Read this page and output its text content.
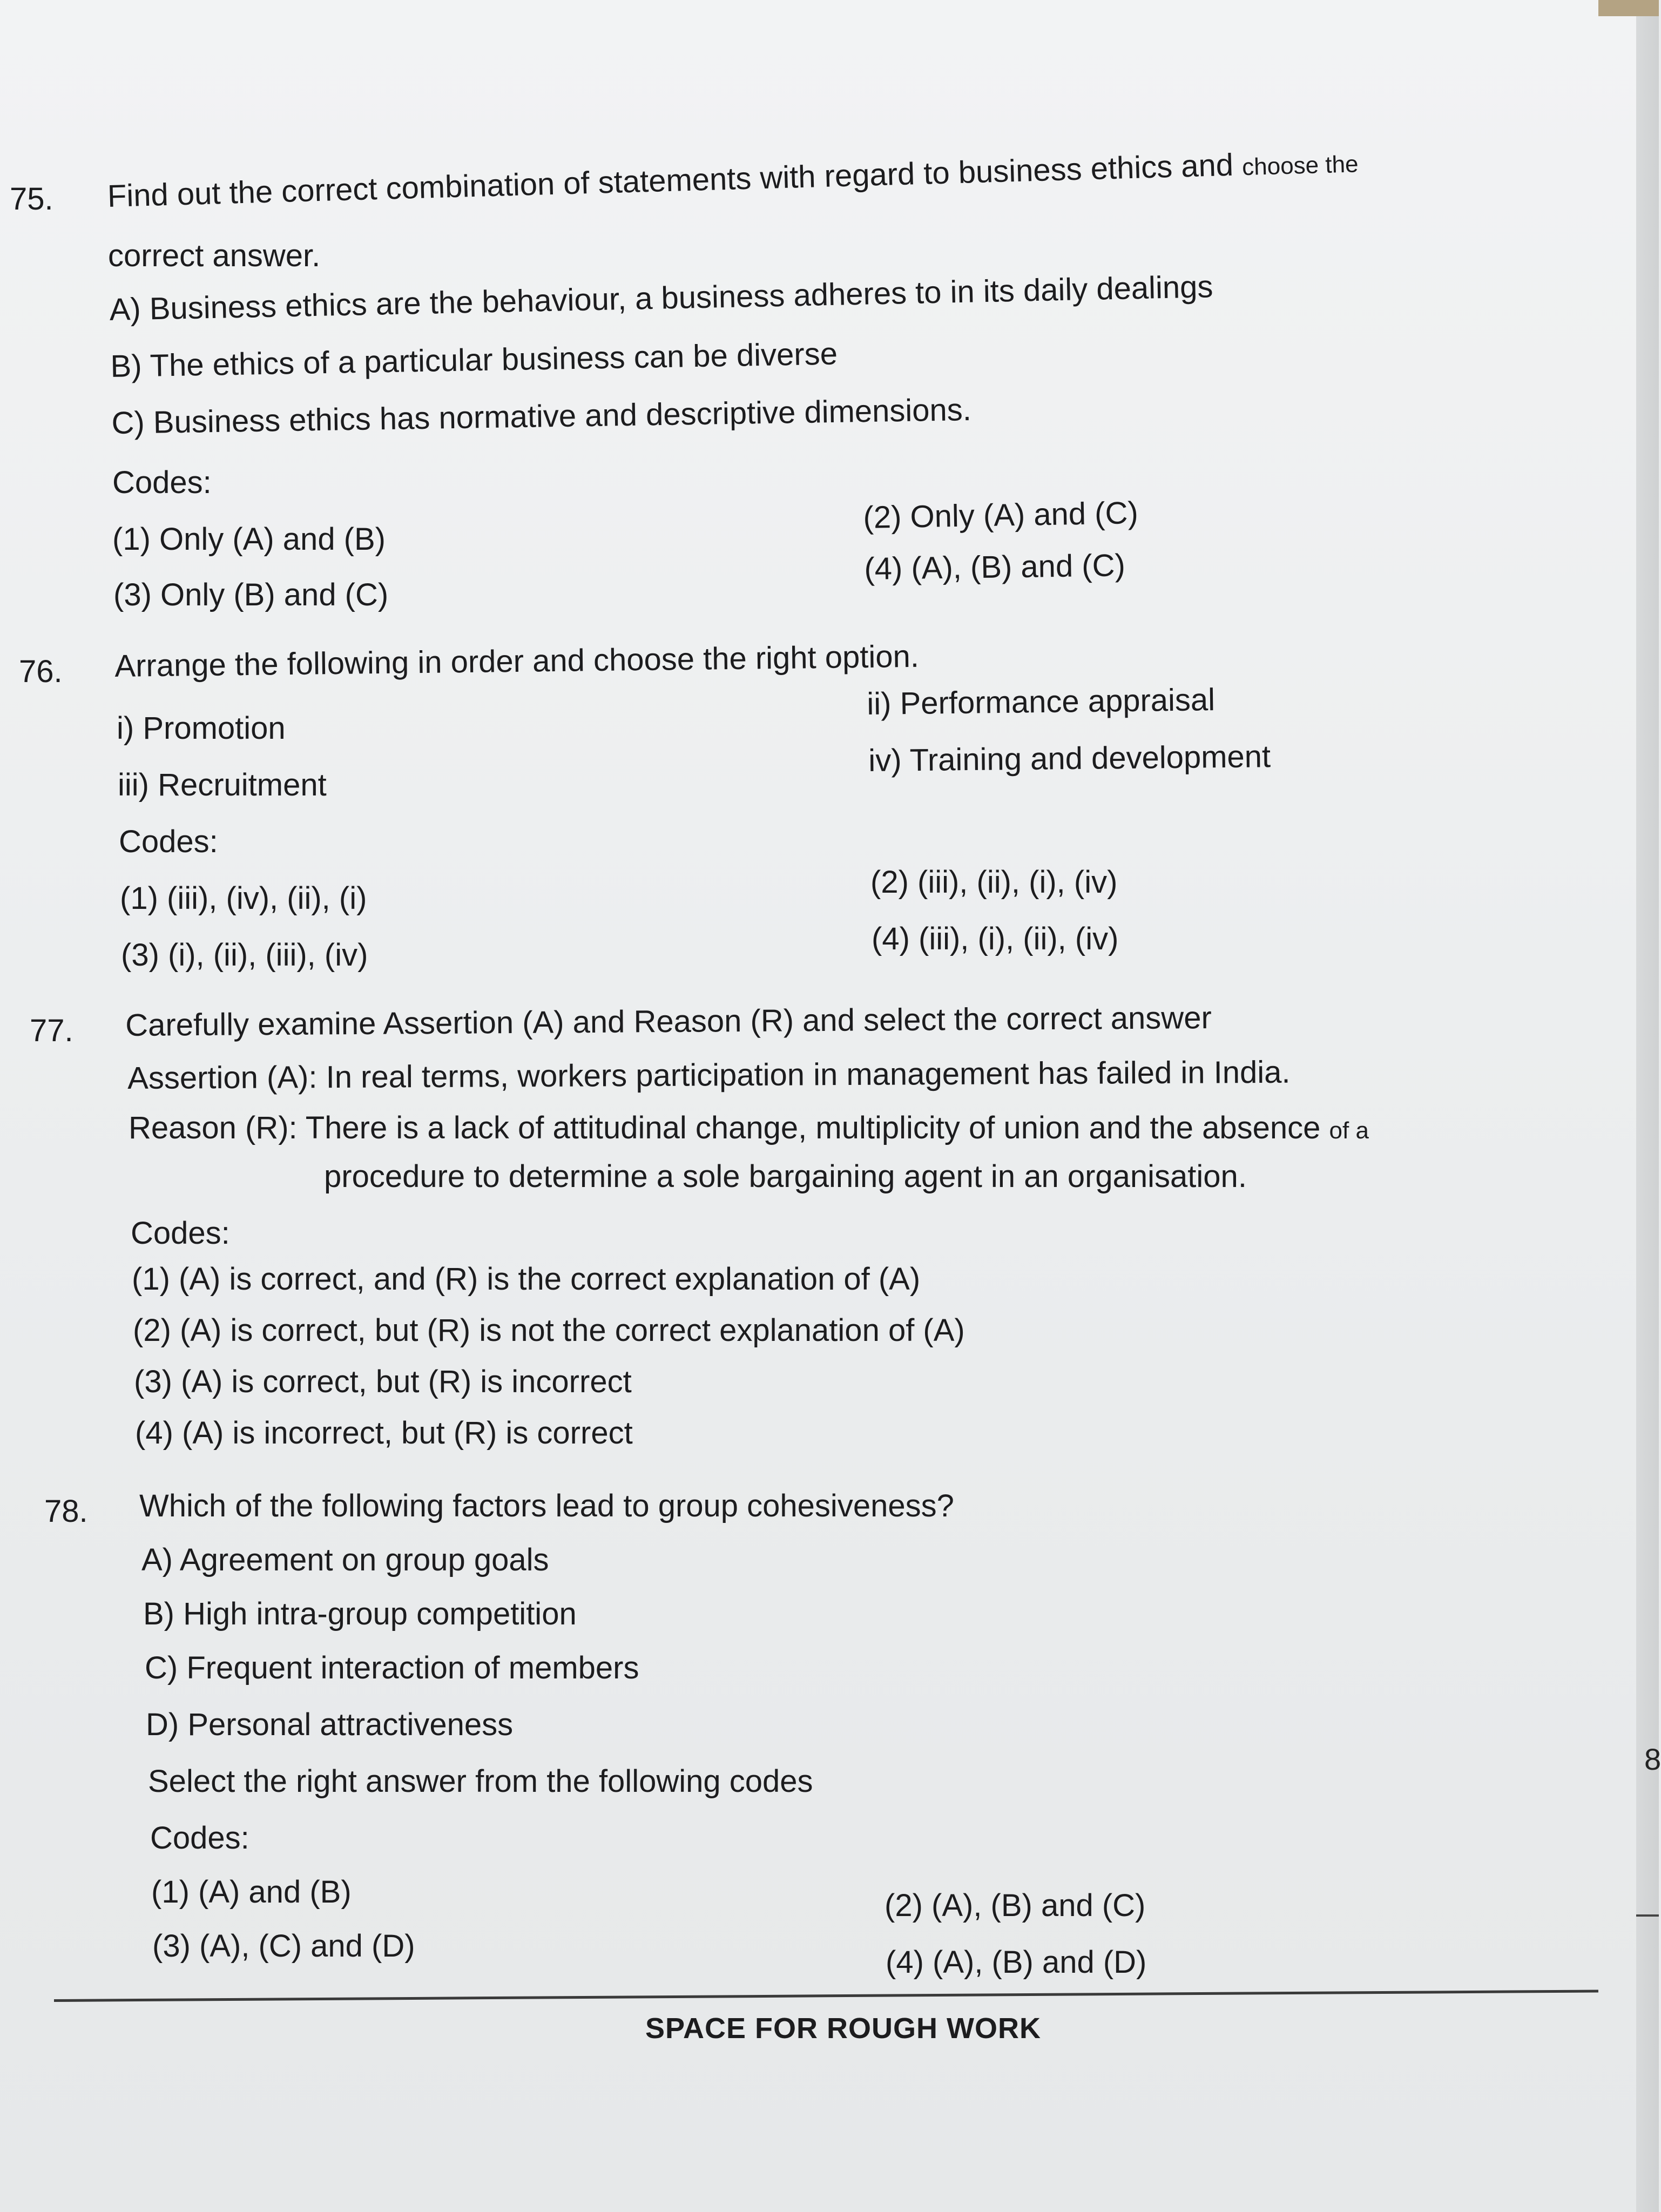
75. Find out the correct combination of statements with regard to business ethics and choose the
correct answer.
A) Business ethics are the behaviour, a business adheres to in its daily dealings
B) The ethics of a particular business can be diverse
C) Business ethics has normative and descriptive dimensions.
Codes:
(1) Only (A) and (B)
(2) Only (A) and (C)
(3) Only (B) and (C)
(4) (A), (B) and (C)
76. Arrange the following in order and choose the right option.
i) Promotion
ii) Performance appraisal
iii) Recruitment
iv) Training and development
Codes:
(1) (iii), (iv), (ii), (i)	(2) (iii), (ii), (i), (iv)
(3) (i), (ii), (iii), (iv)	(4) (iii), (i), (ii), (iv)
77. Carefully examine Assertion (A) and Reason (R) and select the correct answer
Assertion (A): In real terms, workers participation in management has failed in India.
Reason (R): There is a lack of attitudinal change, multiplicity of union and the absence of a
procedure to determine a sole bargaining agent in an organisation.
Codes:
(1) (A) is correct, and (R) is the correct explanation of (A)
(2) (A) is correct, but (R) is not the correct explanation of (A)
(3) (A) is correct, but (R) is incorrect
(4) (A) is incorrect, but (R) is correct
78. Which of the following factors lead to group cohesiveness?
A) Agreement on group goals
B) High intra-group competition
C) Frequent interaction of members
D) Personal attractiveness
Select the right answer from the following codes
Codes:
(1) (A) and (B)	(2) (A), (B) and (C)
(3) (A), (C) and (D)	(4) (A), (B) and (D)
SPACE FOR ROUGH WORK
8
